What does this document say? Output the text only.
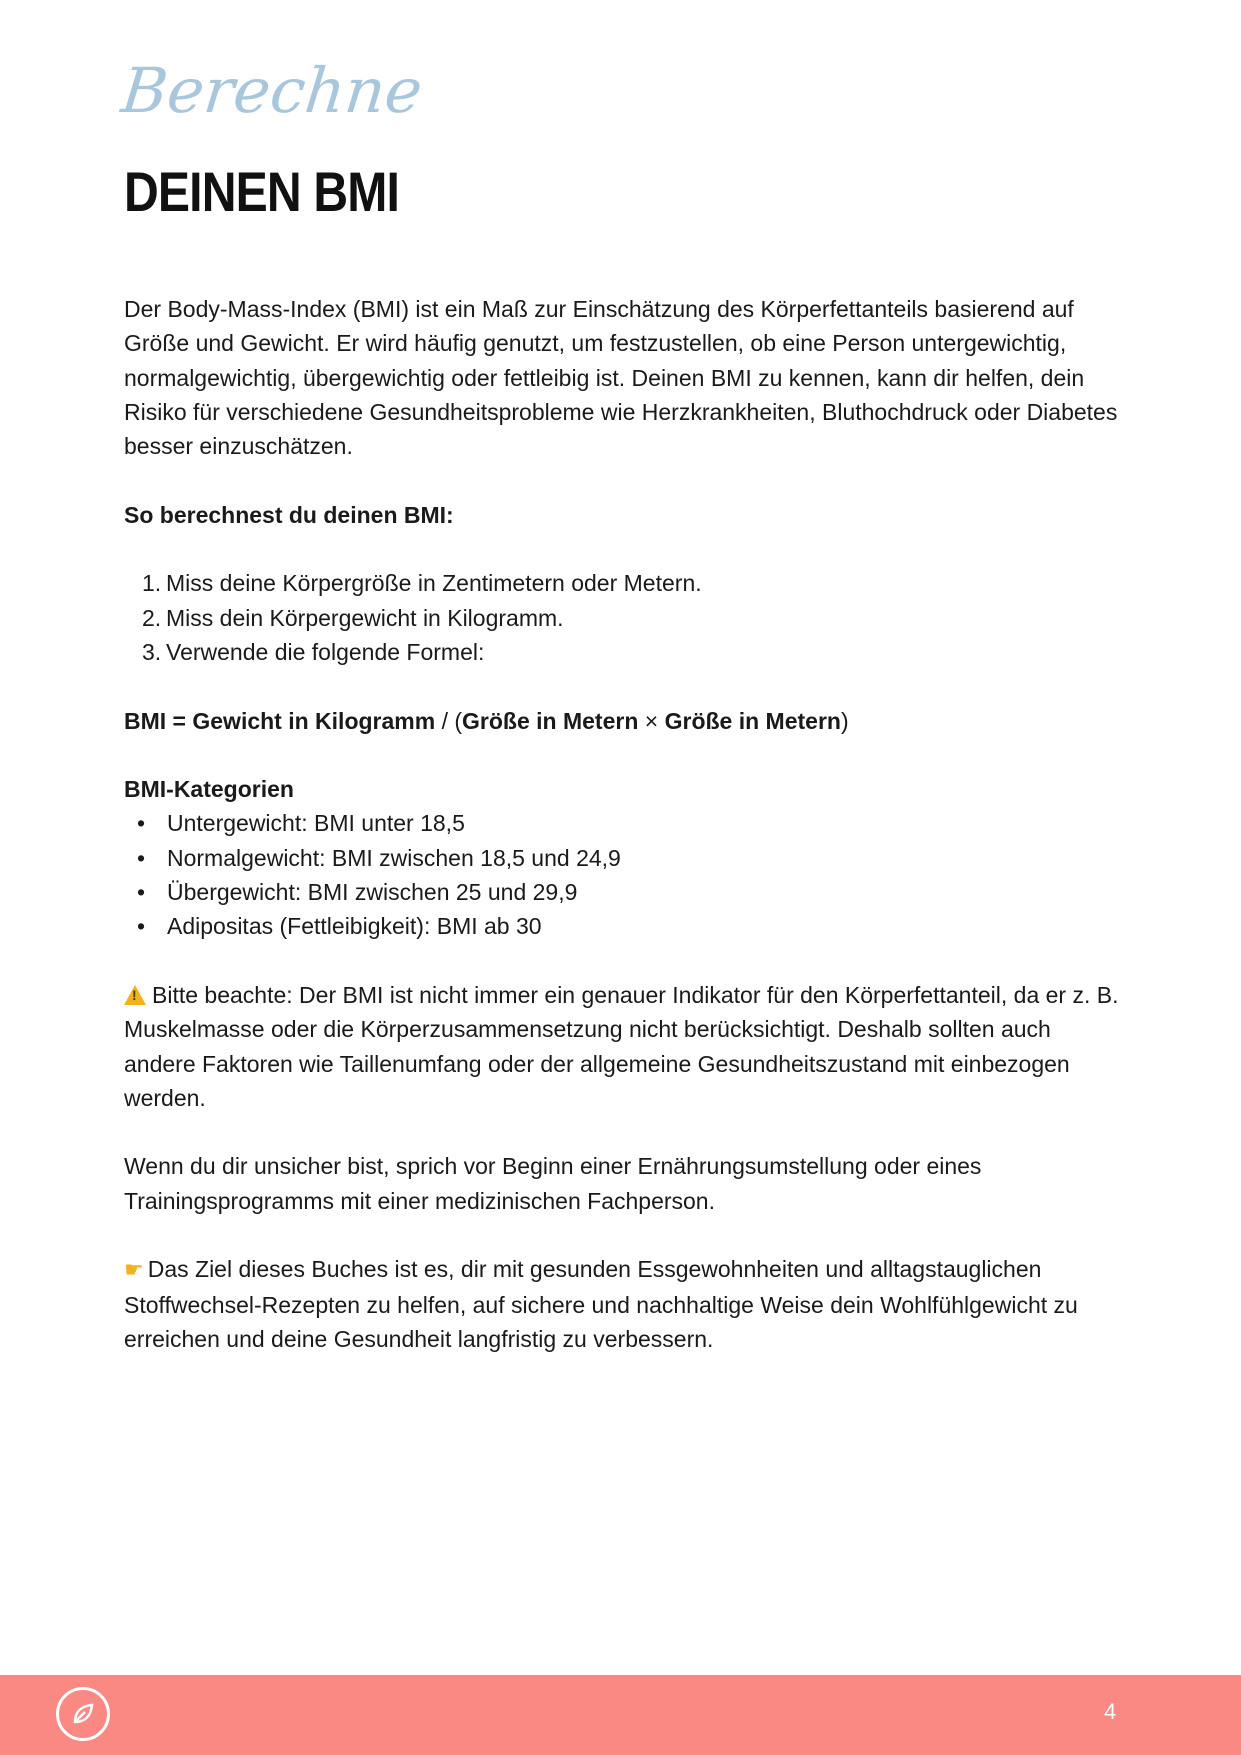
Berechne
DEINEN BMI

Der Body-Mass-Index (BMI) ist ein Maß zur Einschätzung des Körperfettanteils basierend auf Größe und Gewicht. Er wird häufig genutzt, um festzustellen, ob eine Person untergewichtig, normalgewichtig, übergewichtig oder fettleibig ist. Deinen BMI zu kennen, kann dir helfen, dein Risiko für verschiedene Gesundheitsprobleme wie Herzkrankheiten, Bluthochdruck oder Diabetes besser einzuschätzen.

So berechnest du deinen BMI:

1. Miss deine Körpergröße in Zentimetern oder Metern.
2. Miss dein Körpergewicht in Kilogramm.
3. Verwende die folgende Formel:

BMI = Gewicht in Kilogramm / (Größe in Metern × Größe in Metern)

BMI-Kategorien

• Untergewicht: BMI unter 18,5
• Normalgewicht: BMI zwischen 18,5 und 24,9
• Übergewicht: BMI zwischen 25 und 29,9
• Adipositas (Fettleibigkeit): BMI ab 30

!Bitte beachte: Der BMI ist nicht immer ein genauer Indikator für den Körperfettanteil, da er z. B. Muskelmasse oder die Körperzusammensetzung nicht berücksichtigt. Deshalb sollten auch andere Faktoren wie Taillenumfang oder der allgemeine Gesundheitszustand mit einbezogen werden.

Wenn du dir unsicher bist, sprich vor Beginn einer Ernährungsumstellung oder eines Trainingsprogramms mit einer medizinischen Fachperson.

☛ Das Ziel dieses Buches ist es, dir mit gesunden Essgewohnheiten und alltagstauglichen Stoffwechsel-Rezepten zu helfen, auf sichere und nachhaltige Weise dein Wohlfühlgewicht zu erreichen und deine Gesundheit langfristig zu verbessern.

4
